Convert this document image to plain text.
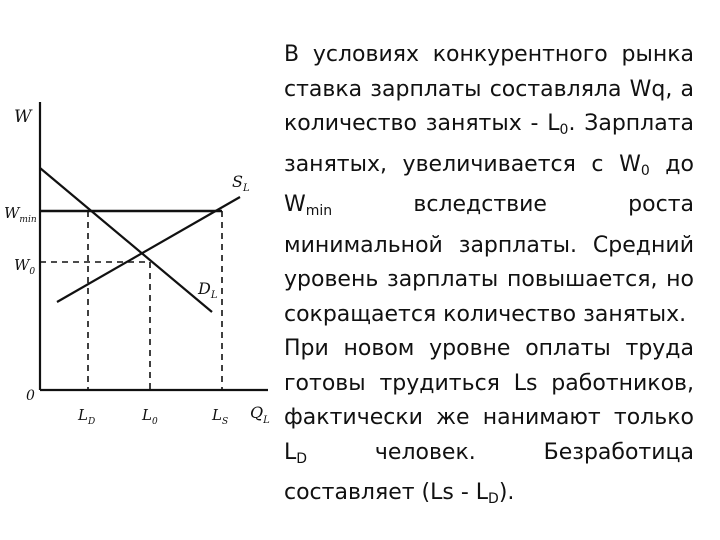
W
0
$Q_L$
$W_{min}$
$W_0$
$L_D$	$L_0$	$L_S$
$S_L$
$D_L$

В условиях конкурентного рынка ставка зарплаты составляла Wq, а количество занятых - $L_0$. Зарплата занятых, увеличивается с $W_0$ до $W_{min}$ вследствие роста минимальной зарплаты. Средний уровень зарплаты повышается, но сокращается количество занятых.

При новом уровне оплаты труда готовы трудиться Ls работников, фактически же нанимают только $L_D$ человек. Безработица составляет $(Ls - L_D)$.
